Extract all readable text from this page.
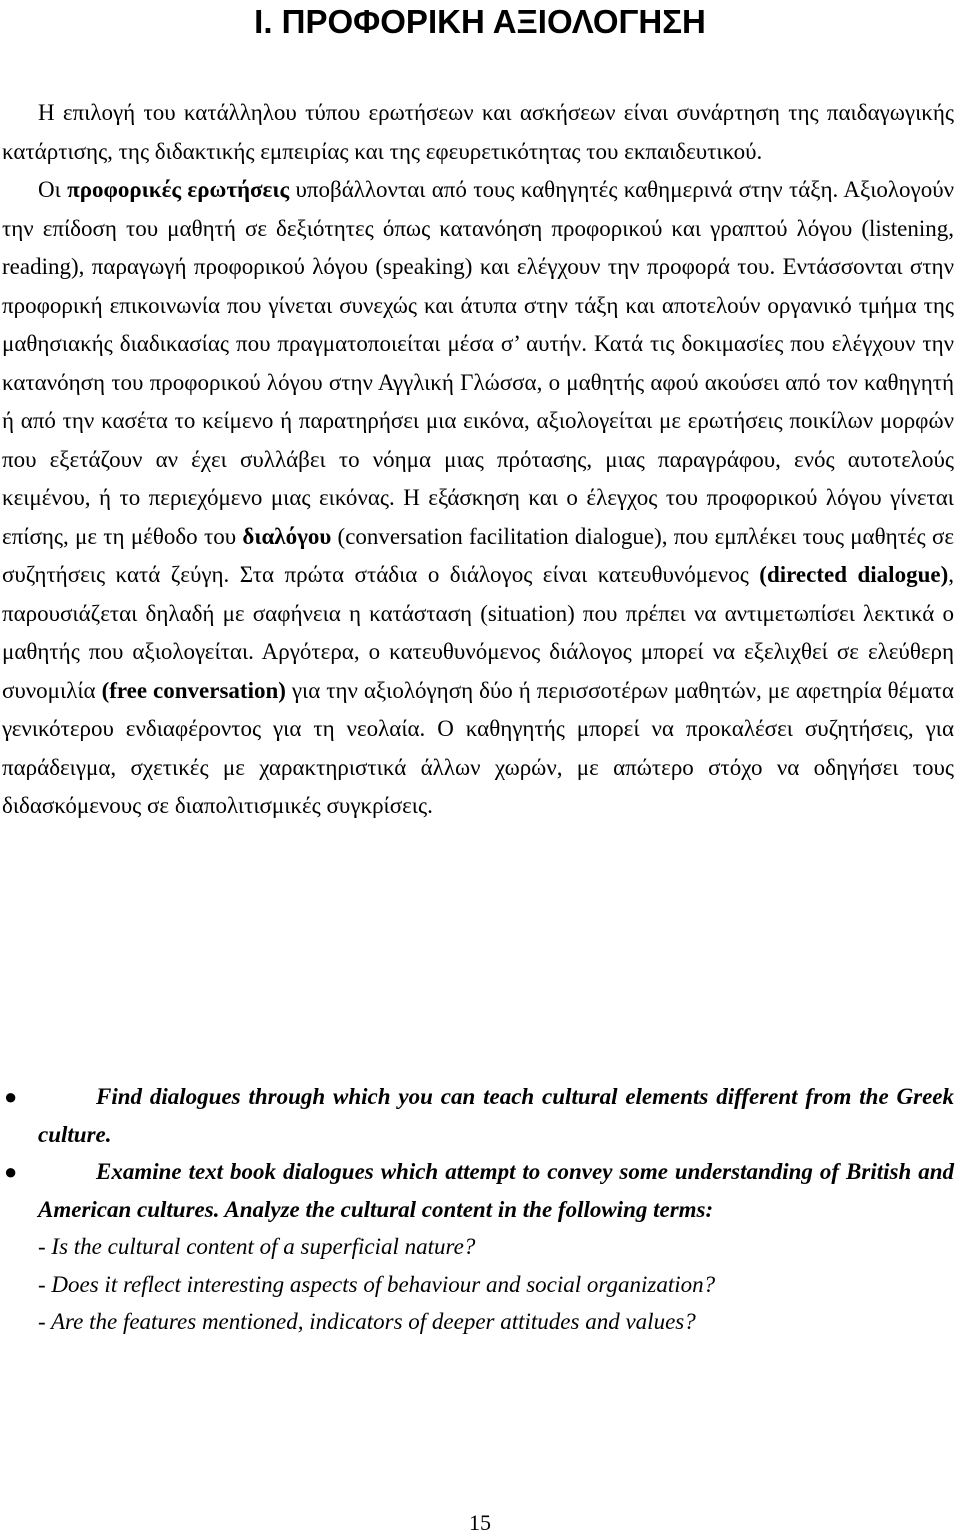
Ι. ΠΡΟΦΟΡΙΚΗ ΑΞΙΟΛΟΓΗΣΗ

Η επιλογή του κατάλληλου τύπου ερωτήσεων και ασκήσεων είναι συνάρτηση της παιδαγωγικής κατάρτισης, της διδακτικής εμπειρίας και της εφευρετικότητας του εκπαιδευτικού.

Οι προφορικές ερωτήσεις υποβάλλονται από τους καθηγητές καθημερινά στην τάξη. Αξιολογούν την επίδοση του μαθητή σε δεξιότητες όπως κατανόηση προφορικού και γραπτού λόγου (listening, reading), παραγωγή προφορικού λόγου (speaking) και ελέγχουν την προφορά του. Εντάσσονται στην προφορική επικοινωνία που γίνεται συνεχώς και άτυπα στην τάξη και αποτελούν οργανικό τμήμα της μαθησιακής διαδικασίας που πραγματοποιείται μέσα σ’ αυτήν. Κατά τις δοκιμασίες που ελέγχουν την κατανόηση του προφορικού λόγου στην Αγγλική Γλώσσα, ο μαθητής αφού ακούσει από τον καθηγητή ή από την κασέτα το κείμενο ή παρατηρήσει μια εικόνα, αξιολογείται με ερωτήσεις ποικίλων μορφών που εξετάζουν αν έχει συλλάβει το νόημα μιας πρότασης, μιας παραγράφου, ενός αυτοτελούς κειμένου, ή το περιεχόμενο μιας εικόνας. Η εξάσκηση και ο έλεγχος του προφορικού λόγου γίνεται επίσης, με τη μέθοδο του διαλόγου (conversation facilitation dialogue), που εμπλέκει τους μαθητές σε συζητήσεις κατά ζεύγη. Στα πρώτα στάδια ο διάλογος είναι κατευθυνόμενος (directed dialogue), παρουσιάζεται δηλαδή με σαφήνεια η κατάσταση (situation) που πρέπει να αντιμετωπίσει λεκτικά ο μαθητής που αξιολογείται. Αργότερα, ο κατευθυνόμενος διάλογος μπορεί να εξελιχθεί σε ελεύθερη συνομιλία (free conversation) για την αξιολόγηση δύο ή περισσοτέρων μαθητών, με αφετηρία θέματα γενικότερου ενδιαφέροντος για τη νεολαία. Ο καθηγητής μπορεί να προκαλέσει συζητήσεις, για παράδειγμα, σχετικές με χαρακτηριστικά άλλων χωρών, με απώτερο στόχο να οδηγήσει τους διδασκόμενους σε διαπολιτισμικές συγκρίσεις.

●	Find dialogues through which you can teach cultural elements different from the Greek culture.
●	Examine text book dialogues which attempt to convey some understanding of British and American cultures. Analyze the cultural content in the following terms:
- Is the cultural content of a superficial nature?
- Does it reflect interesting aspects of behaviour and social organization?
- Are the features mentioned, indicators of deeper attitudes and values?
15
